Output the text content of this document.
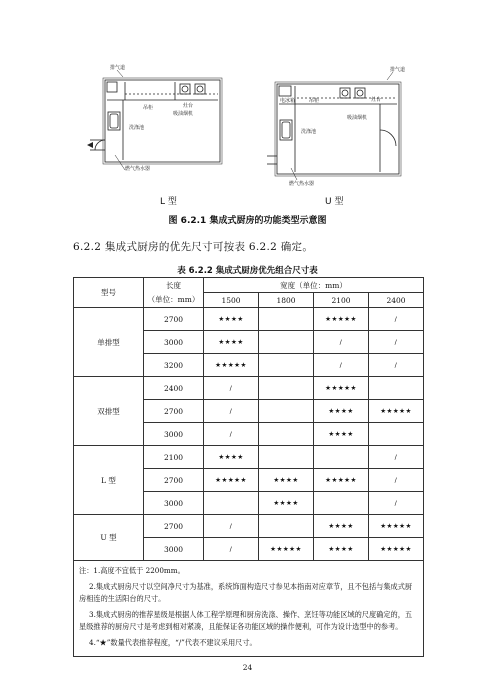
排气道
吊柜
洗涤池
吸油烟机
灶台
燃气热水器
L 型
排气道
电冰箱	吊柜	灶台
洗涤池
吸油烟机
燃气热水器
U 型
图 6.2.1 集成式厨房的功能类型示意图
6.2.2 集成式厨房的优先尺寸可按表 6.2.2 确定。
表 6.2.2 集成式厨房优先组合尺寸表
型号	长度	宽度（单位：mm）			
	（单位：mm）	1500	1800	2100	2400
单排型	2700	★★★★		★★★★★	/
	3000	★★★★		/	/
	3200	★★★★★		/	/
双排型	2400	/		★★★★★	
	2700	/		★★★★	★★★★★
	3000	/		★★★★	
L 型	2100	★★★★			/
	2700	★★★★★	★★★★	★★★★★	/
	3000		★★★★		/
U 型	2700	/		★★★★	★★★★★
	3000	/	★★★★★	★★★★	★★★★★

注：1.高度不宜低于 2200mm。

2.集成式厨房尺寸以空间净尺寸为基准，系统饰面构造尺寸参见本指南对应章节，且不包括与集成式厨房相连的生活阳台的尺寸。

3.集成式厨房的推荐星级是根据人体工程学原理和厨房洗涤、操作、烹饪等功能区域的尺度确定的，五星级推荐的厨房尺寸是考虑到相对紧凑，且能保证各功能区域的操作便利，可作为设计选型中的参考。

4.“★”数量代表推荐程度，“/”代表不建议采用尺寸。					

24
